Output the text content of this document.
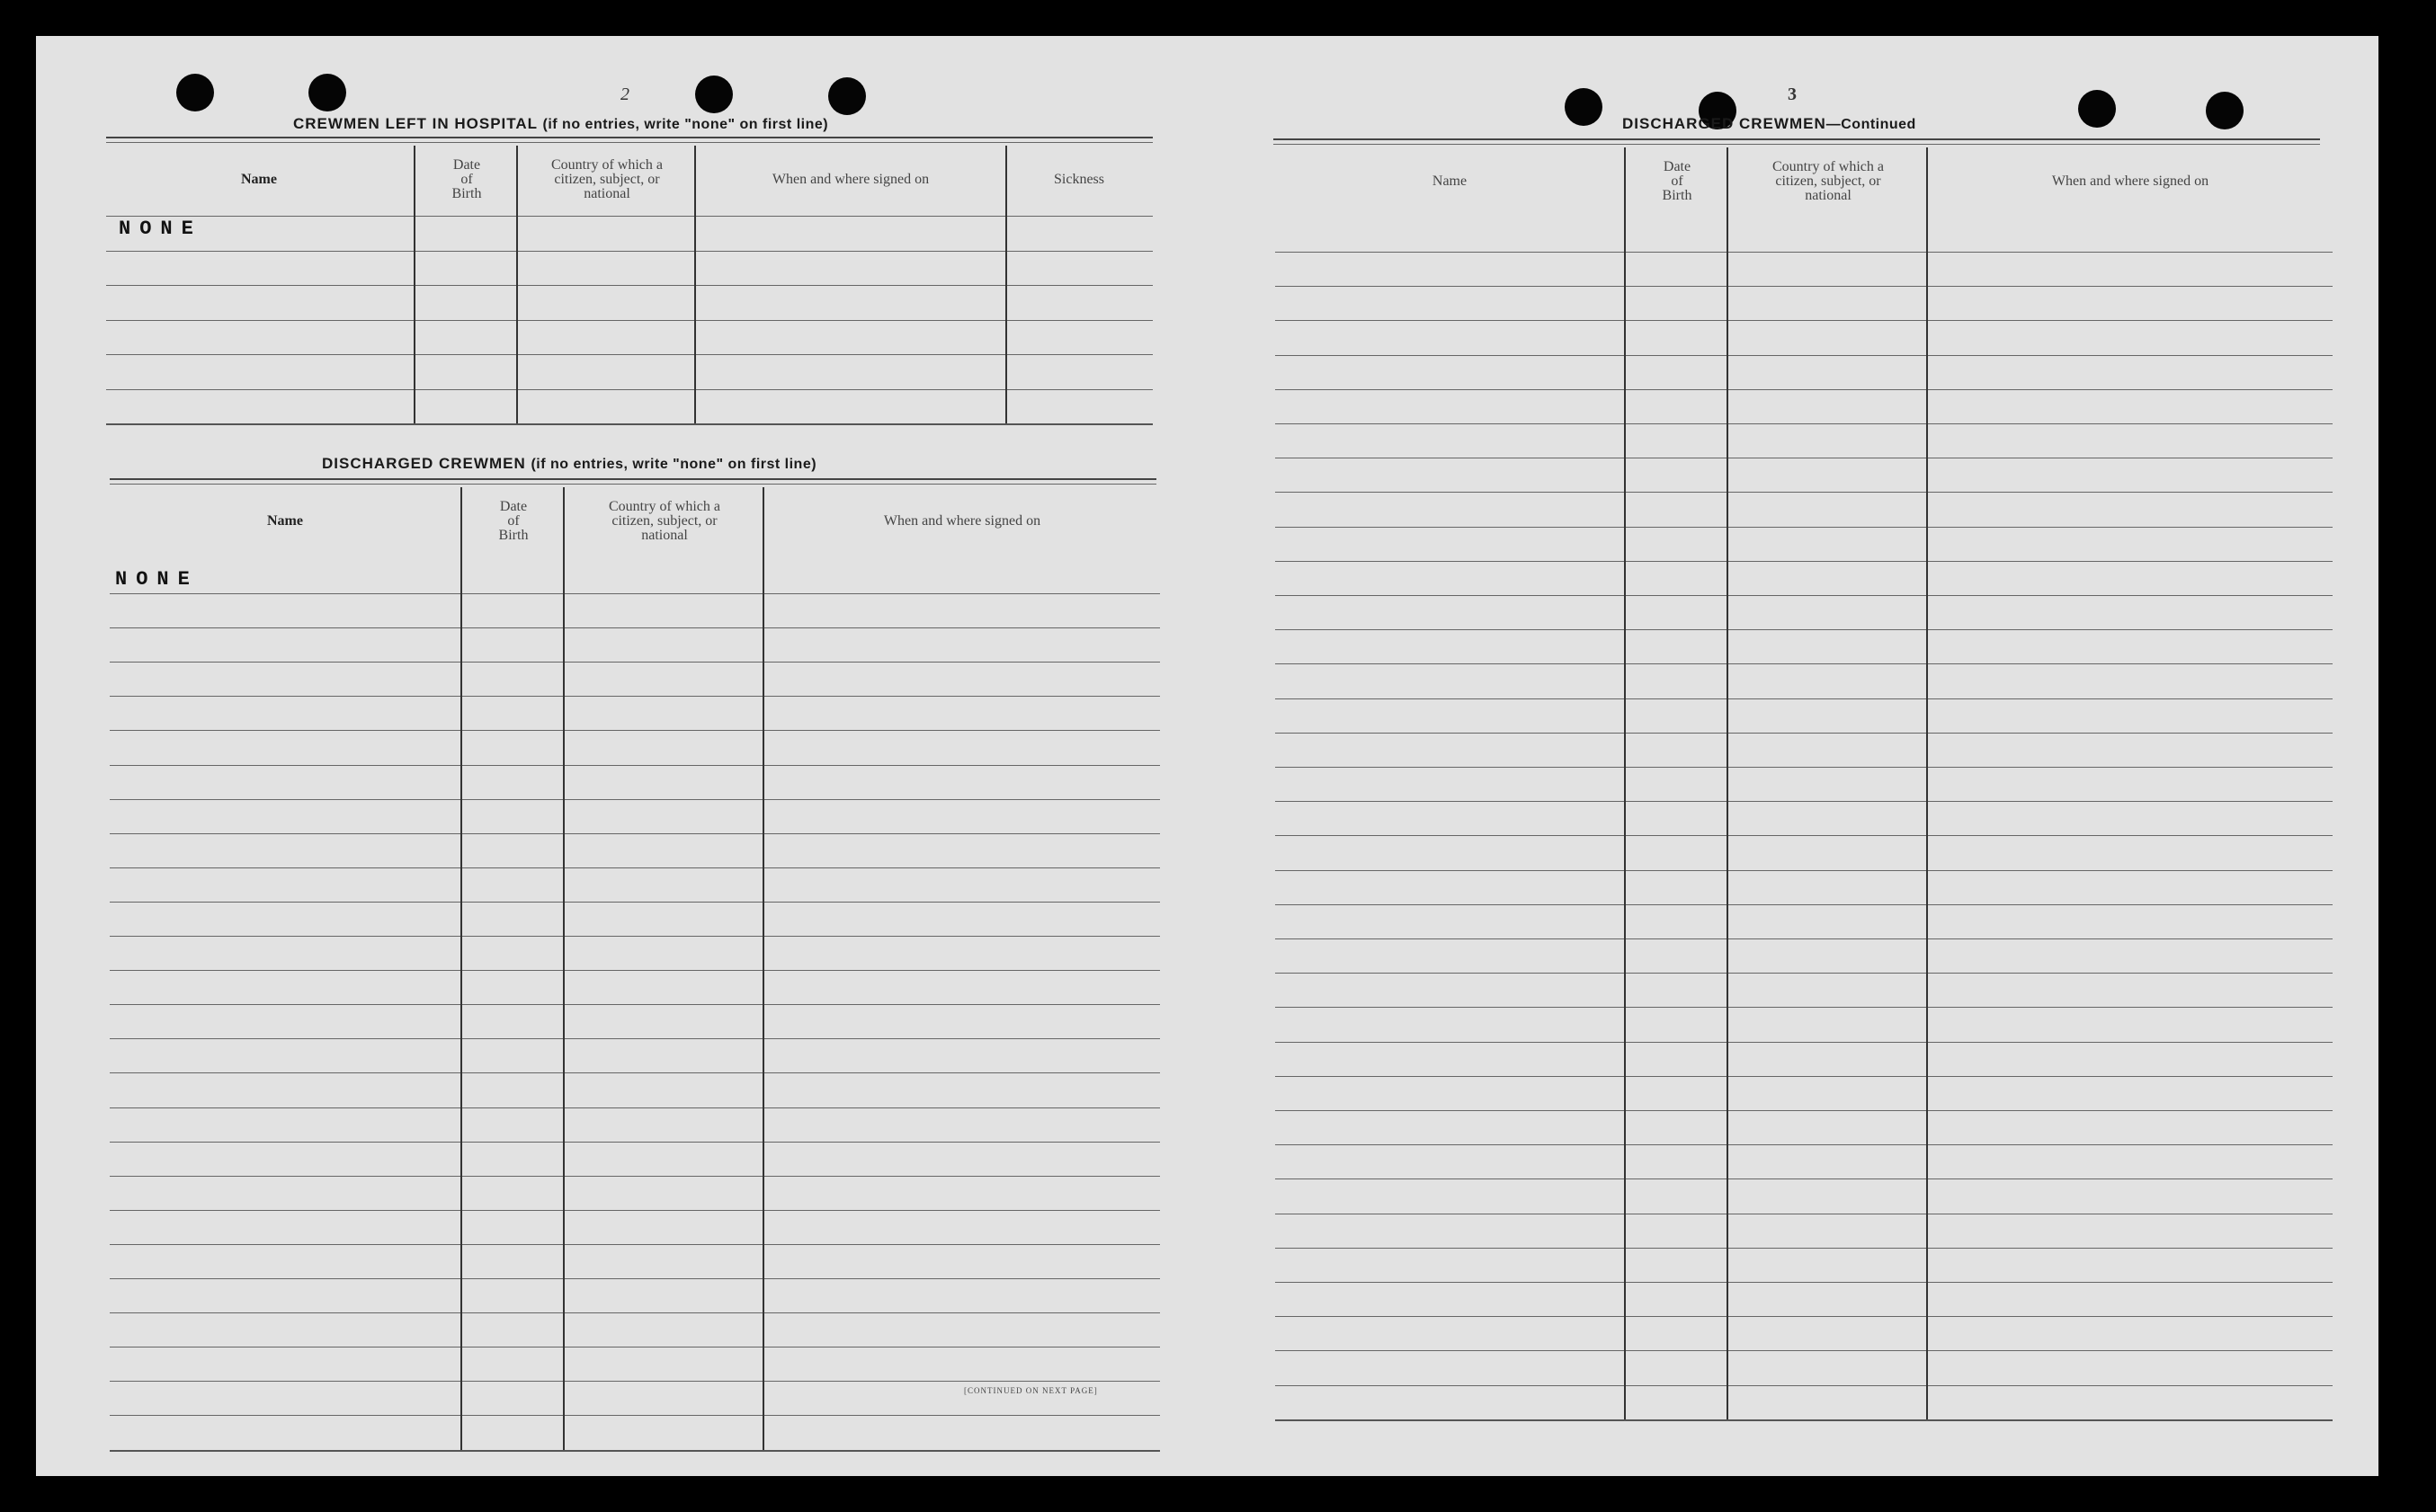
2
CREWMEN LEFT IN HOSPITAL (if no entries, write "none" on first line)
Name
Date
of
Birth
Country of which a
citizen, subject, or
national
When and where signed on	Sickness
NONE
DISCHARGED CREWMEN (if no entries, write "none" on first line)
Name
Date
of
Birth
Country of which a
citizen, subject, or
national
When and where signed on
NONE
[CONTINUED ON NEXT PAGE]
3
DISCHARGED CREWMEN—Continued
Name
Date
of
Birth
Country of which a
citizen, subject, or
national
When and where signed on
